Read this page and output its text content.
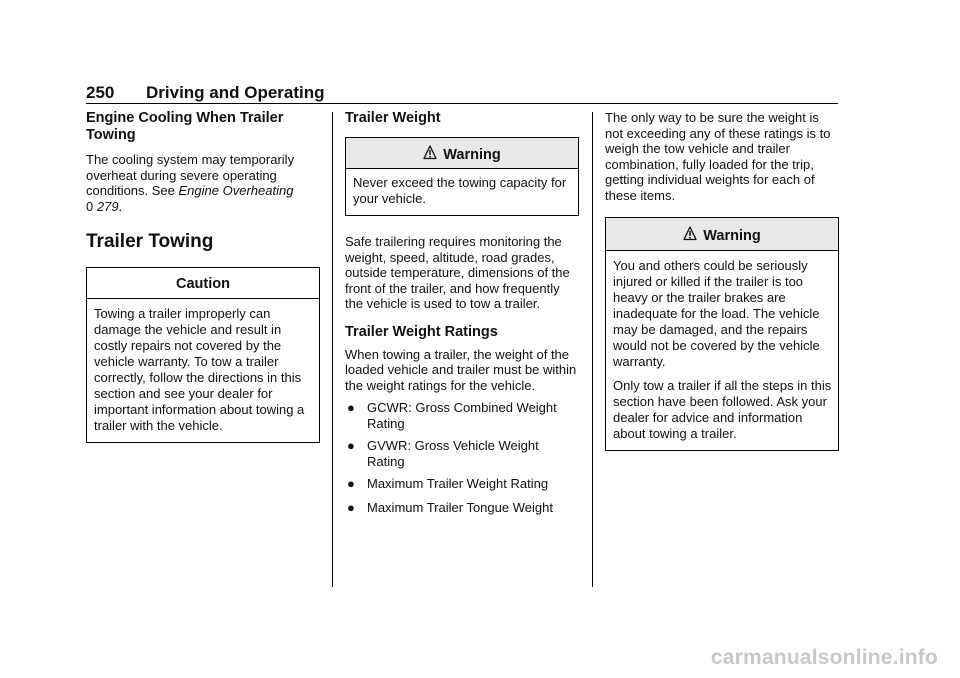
250 Driving and Operating
Engine Cooling When Trailer Towing

The cooling system may temporarily overheat during severe operating conditions. See Engine Overheating
0 279.

Trailer Towing
Caution

Towing a trailer improperly can damage the vehicle and result in costly repairs not covered by the vehicle warranty. To tow a trailer correctly, follow the directions in this section and see your dealer for important information about towing a trailer with the vehicle.

Trailer Weight
Warning

Never exceed the towing capacity for your vehicle.

Safe trailering requires monitoring the weight, speed, altitude, road grades, outside temperature, dimensions of the front of the trailer, and how frequently the vehicle is used to tow a trailer.

Trailer Weight Ratings

When towing a trailer, the weight of the loaded vehicle and trailer must be within the weight ratings for the vehicle.

● GCWR: Gross Combined Weight Rating
● GVWR: Gross Vehicle Weight Rating
● Maximum Trailer Weight Rating
● Maximum Trailer Tongue Weight

The only way to be sure the weight is not exceeding any of these ratings is to weigh the tow vehicle and trailer combination, fully loaded for the trip, getting individual weights for each of these items.

Warning

You and others could be seriously injured or killed if the trailer is too heavy or the trailer brakes are inadequate for the load. The vehicle may be damaged, and the repairs would not be covered by the vehicle warranty.

Only tow a trailer if all the steps in this section have been followed. Ask your dealer for advice and information about towing a trailer.

carmanualsonline.info
